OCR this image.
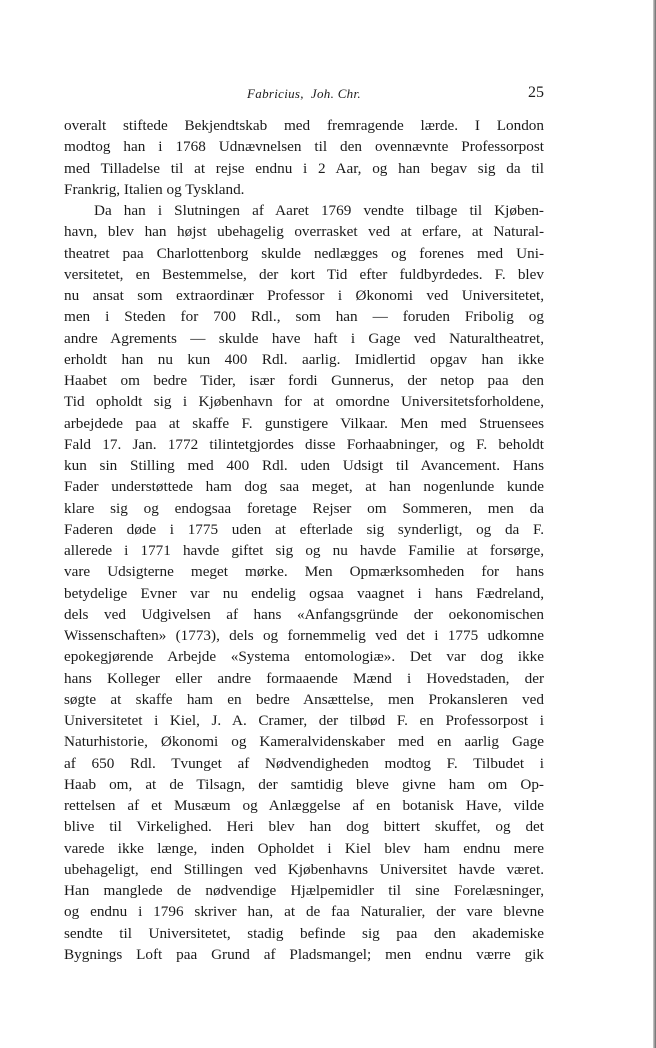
Fabricius,  Joh. Chr.	25
overalt stiftede Bekjendtskab med fremragende lærde. I London
modtog han i 1768 Udnævnelsen til den ovennævnte Professorpost
med Tilladelse til at rejse endnu i 2 Aar, og han begav sig da til
Frankrig, Italien og Tyskland.
Da han i Slutningen af Aaret 1769 vendte tilbage til Kjøben-
havn, blev han højst ubehagelig overrasket ved at erfare, at Natural-
theatret paa Charlottenborg skulde nedlægges og forenes med Uni-
versitetet, en Bestemmelse, der kort Tid efter fuldbyrdedes. F. blev
nu ansat som extraordinær Professor i Økonomi ved Universitetet,
men i Steden for 700 Rdl., som han — foruden Fribolig og
andre Agrements — skulde have haft i Gage ved Naturaltheatret,
erholdt han nu kun 400 Rdl. aarlig. Imidlertid opgav han ikke
Haabet om bedre Tider, især fordi Gunnerus, der netop paa den
Tid opholdt sig i Kjøbenhavn for at omordne Universitetsforholdene,
arbejdede paa at skaffe F. gunstigere Vilkaar. Men med Struensees
Fald 17. Jan. 1772 tilintetgjordes disse Forhaabninger, og F. beholdt
kun sin Stilling med 400 Rdl. uden Udsigt til Avancement. Hans
Fader understøttede ham dog saa meget, at han nogenlunde kunde
klare sig og endogsaa foretage Rejser om Sommeren, men da
Faderen døde i 1775 uden at efterlade sig synderligt, og da F.
allerede i 1771 havde giftet sig og nu havde Familie at forsørge,
vare Udsigterne meget mørke. Men Opmærksomheden for hans
betydelige Evner var nu endelig ogsaa vaagnet i hans Fædreland,
dels ved Udgivelsen af hans «Anfangsgründe der oekonomischen
Wissenschaften» (1773), dels og fornemmelig ved det i 1775 udkomne
epokegjørende Arbejde «Systema entomologiæ». Det var dog ikke
hans Kolleger eller andre formaaende Mænd i Hovedstaden, der
søgte at skaffe ham en bedre Ansættelse, men Prokansleren ved
Universitetet i Kiel, J. A. Cramer, der tilbød F. en Professorpost i
Naturhistorie, Økonomi og Kameralvidenskaber med en aarlig Gage
af 650 Rdl. Tvunget af Nødvendigheden modtog F. Tilbudet i
Haab om, at de Tilsagn, der samtidig bleve givne ham om Op-
rettelsen af et Musæum og Anlæggelse af en botanisk Have, vilde
blive til Virkelighed. Heri blev han dog bittert skuffet, og det
varede ikke længe, inden Opholdet i Kiel blev ham endnu mere
ubehageligt, end Stillingen ved Kjøbenhavns Universitet havde været.
Han manglede de nødvendige Hjælpemidler til sine Forelæsninger,
og endnu i 1796 skriver han, at de faa Naturalier, der vare blevne
sendte til Universitetet, stadig befinde sig paa den akademiske
Bygnings Loft paa Grund af Pladsmangel; men endnu værre gik
